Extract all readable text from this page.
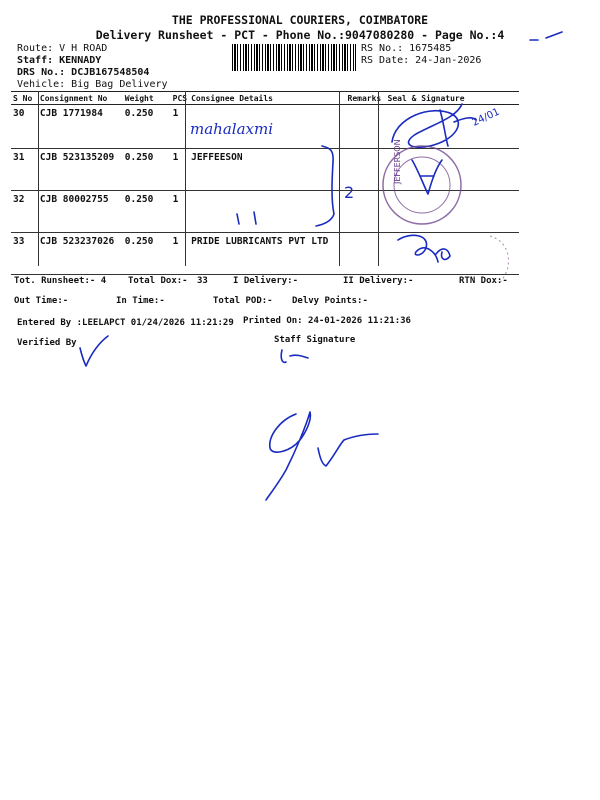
THE PROFESSIONAL COURIERS, COIMBATORE
Delivery Runsheet - PCT - Phone No.:9047080280 - Page No.:4
Route: V H ROAD
Staff: KENNADY
DRS No.: DCJB167548504
Vehicle: Big Bag Delivery
RS No.: 1675485
RS Date: 24-Jan-2026
S No	Consignment No	Weight	PCS	Consignee Details	Remarks	Seal & Signature
30	CJB 1771984	0.250	1			
31	CJB 523135209	0.250	1	JEFFEESON		
32	CJB 80002755	0.250	1			
33	CJB 523237026	0.250	1	PRIDE LUBRICANTS PVT LTD		
Tot. Runsheet:- 4 Total Dox:- 33	I Delivery:-	II Delivery:-	RTN Dox:-
Out Time:-	In Time:-	Total POD:- Delvy Points:-
Entered By :LEELAPCT 01/24/2026 11:21:29 Printed On: 24-01-2026 11:21:36
Verified By	Staff Signature
mahalaxmi
24/01
2
JEFFERSON
